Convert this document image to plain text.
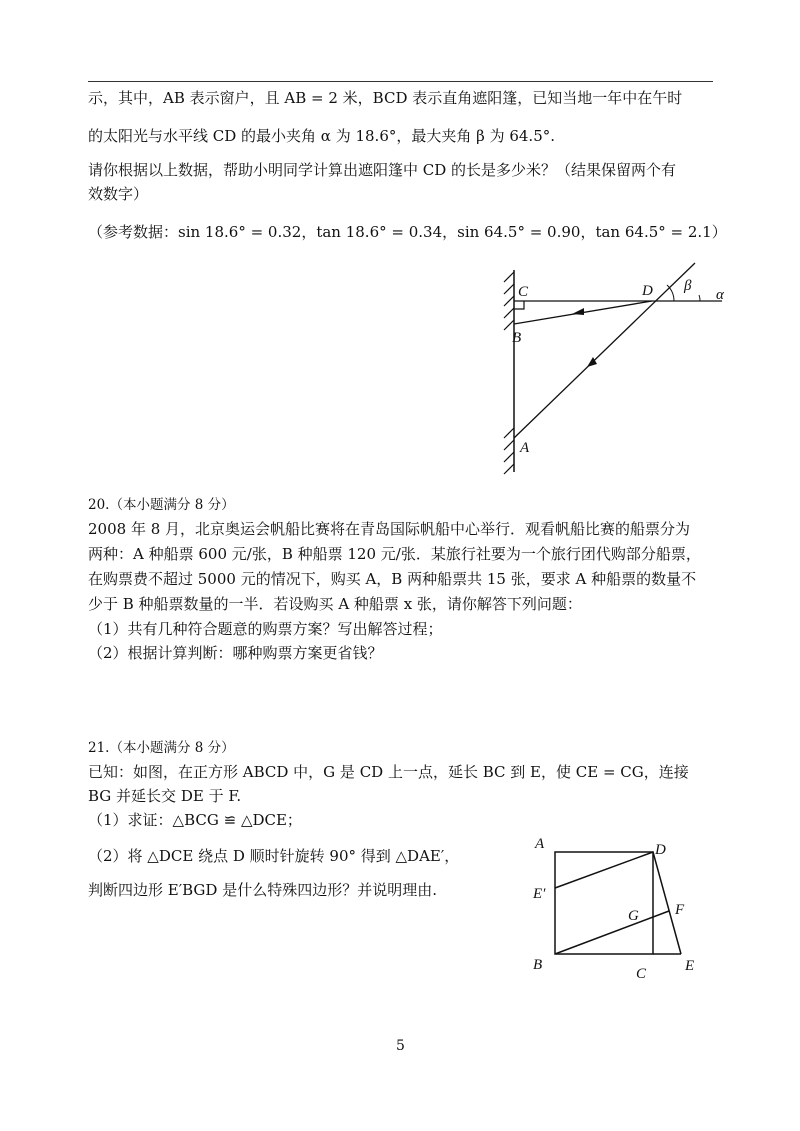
示，其中，AB 表示窗户，且 AB = 2 米，BCD 表示直角遮阳篷，已知当地一年中在午时
的太阳光与水平线 CD 的最小夹角 α 为 18.6°，最大夹角 β 为 64.5°.
请你根据以上数据，帮助小明同学计算出遮阳篷中 CD 的长是多少米？（结果保留两个有
效数字）
（参考数据：sin 18.6° = 0.32，tan 18.6° = 0.34，sin 64.5° = 0.90，tan 64.5° = 2.1）
C	D
B
A
β
α
20.（本小题满分 8 分）
2008 年 8 月，北京奥运会帆船比赛将在青岛国际帆船中心举行．观看帆船比赛的船票分为
两种：A 种船票 600 元/张，B 种船票 120 元/张．某旅行社要为一个旅行团代购部分船票，
在购票费不超过 5000 元的情况下，购买 A，B 两种船票共 15 张，要求 A 种船票的数量不
少于 B 种船票数量的一半．若设购买 A 种船票 x 张，请你解答下列问题：
（1）共有几种符合题意的购票方案？写出解答过程；
（2）根据计算判断：哪种购票方案更省钱？
21.（本小题满分 8 分）
已知：如图，在正方形 ABCD 中，G 是 CD 上一点，延长 BC 到 E，使 CE = CG，连接
BG 并延长交 DE 于 F.
（1）求证：△BCG ≌ △DCE；
（2）将 △DCE 绕点 D 顺时针旋转 90° 得到 △DAE′，
判断四边形 E′BGD 是什么特殊四边形？并说明理由.
A	D
E′
G F
B
C	E
5
